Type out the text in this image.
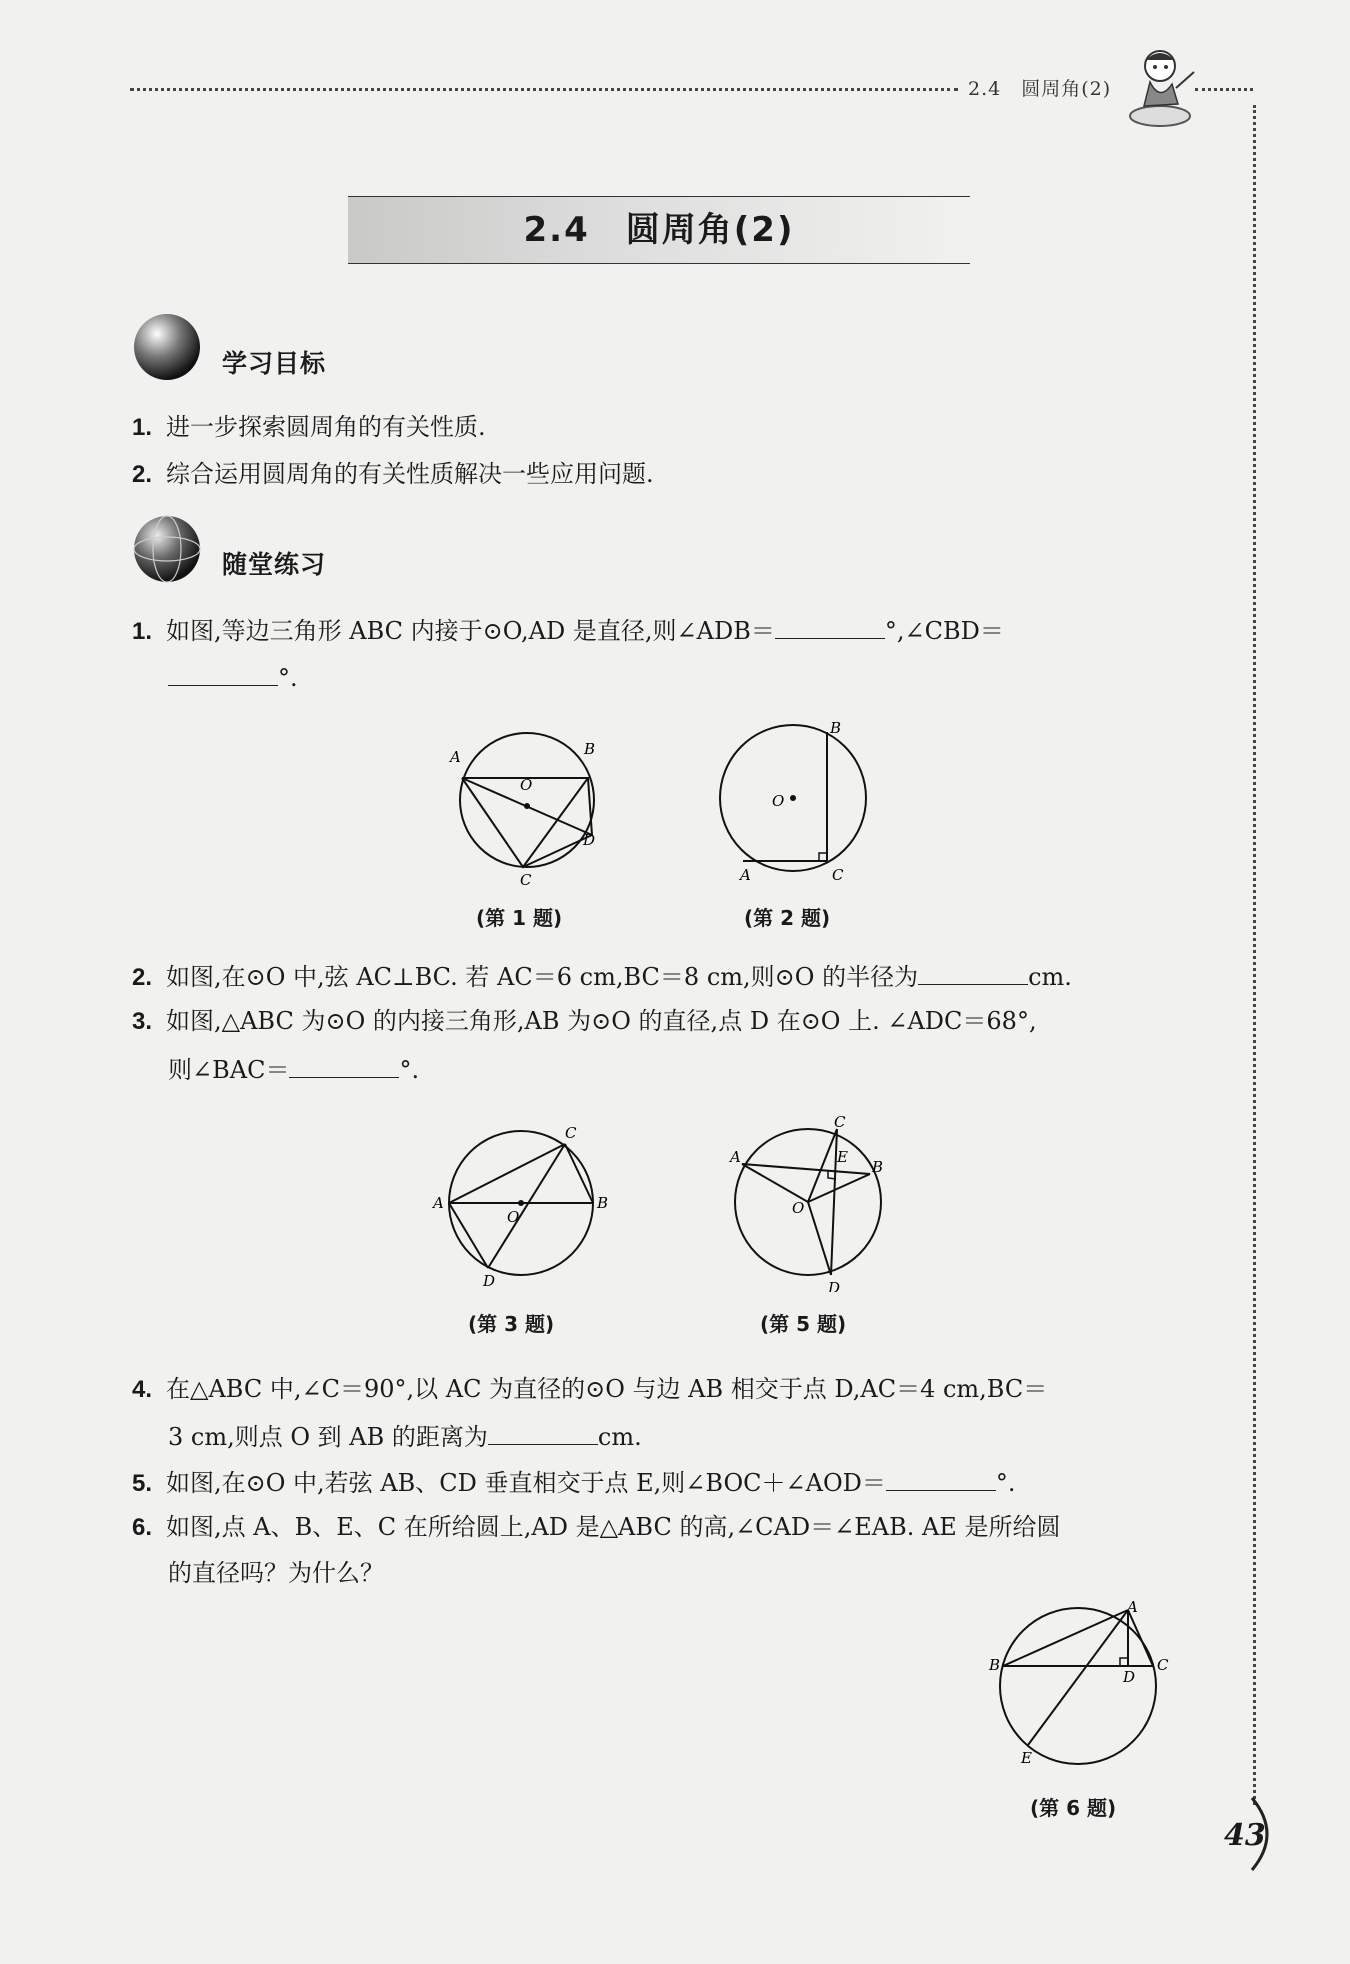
2.4　圆周角(2)
2.4　圆周角(2)
学习目标
1. 进一步探索圆周角的有关性质.
2. 综合运用圆周角的有关性质解决一些应用问题.
随堂练习
1. 如图,等边三角形 ABC 内接于⊙O,AD 是直径,则∠ADB＝	°,∠CBD＝
°.
A	B
O
D
C
(第 1 题)
B
O
A	C
(第 2 题)
2. 如图,在⊙O 中,弦 AC⊥BC. 若 AC＝6 cm,BC＝8 cm,则⊙O 的半径为	cm.
3. 如图,△ABC 为⊙O 的内接三角形,AB 为⊙O 的直径,点 D 在⊙O 上. ∠ADC＝68°,
则∠BAC＝	°.
C
A	B
O
D
(第 3 题)
C
A
B
E
O
D
(第 5 题)
4. 在△ABC 中,∠C＝90°,以 AC 为直径的⊙O 与边 AB 相交于点 D,AC＝4 cm,BC＝
3 cm,则点 O 到 AB 的距离为	cm.
5. 如图,在⊙O 中,若弦 AB、CD 垂直相交于点 E,则∠BOC＋∠AOD＝	°.
6. 如图,点 A、B、E、C 在所给圆上,AD 是△ABC 的高,∠CAD＝∠EAB. AE 是所给圆
的直径吗？为什么？
A
B	C
D
E
(第 6 题)
43
